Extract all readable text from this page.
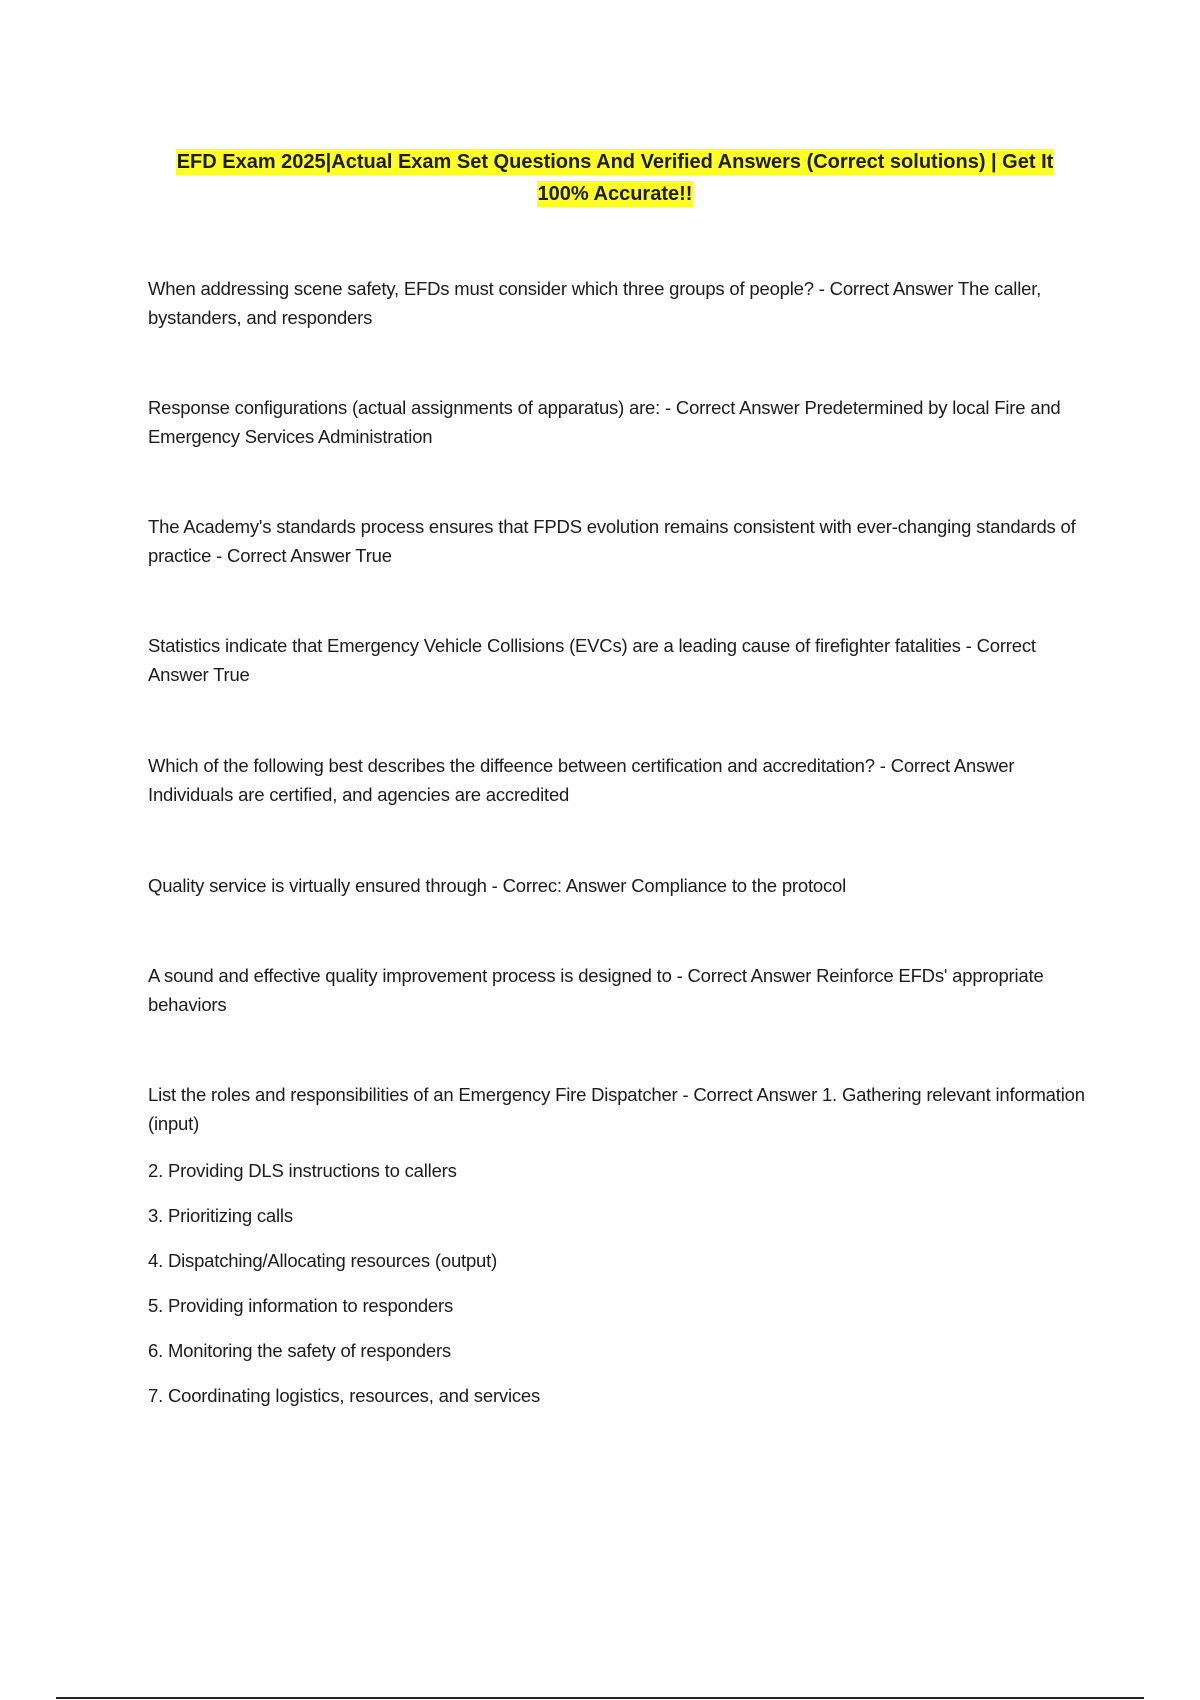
EFD Exam 2025|Actual Exam Set Questions And Verified Answers (Correct solutions) | Get It 100% Accurate!!
When addressing scene safety, EFDs must consider which three groups of people? - Correct Answer The caller, bystanders, and responders
Response configurations (actual assignments of apparatus) are: - Correct Answer Predetermined by local Fire and Emergency Services Administration
The Academy's standards process ensures that FPDS evolution remains consistent with ever-changing standards of practice - Correct Answer True
Statistics indicate that Emergency Vehicle Collisions (EVCs) are a leading cause of firefighter fatalities - Correct Answer True
Which of the following best describes the diffeence between certification and accreditation? - Correct Answer Individuals are certified, and agencies are accredited
Quality service is virtually ensured through - Correc: Answer Compliance to the protocol
A sound and effective quality improvement process is designed to - Correct Answer Reinforce EFDs' appropriate behaviors
List the roles and responsibilities of an Emergency Fire Dispatcher - Correct Answer 1. Gathering relevant information (input)
2. Providing DLS instructions to callers
3. Prioritizing calls
4. Dispatching/Allocating resources (output)
5. Providing information to responders
6. Monitoring the safety of responders
7. Coordinating logistics, resources, and services
